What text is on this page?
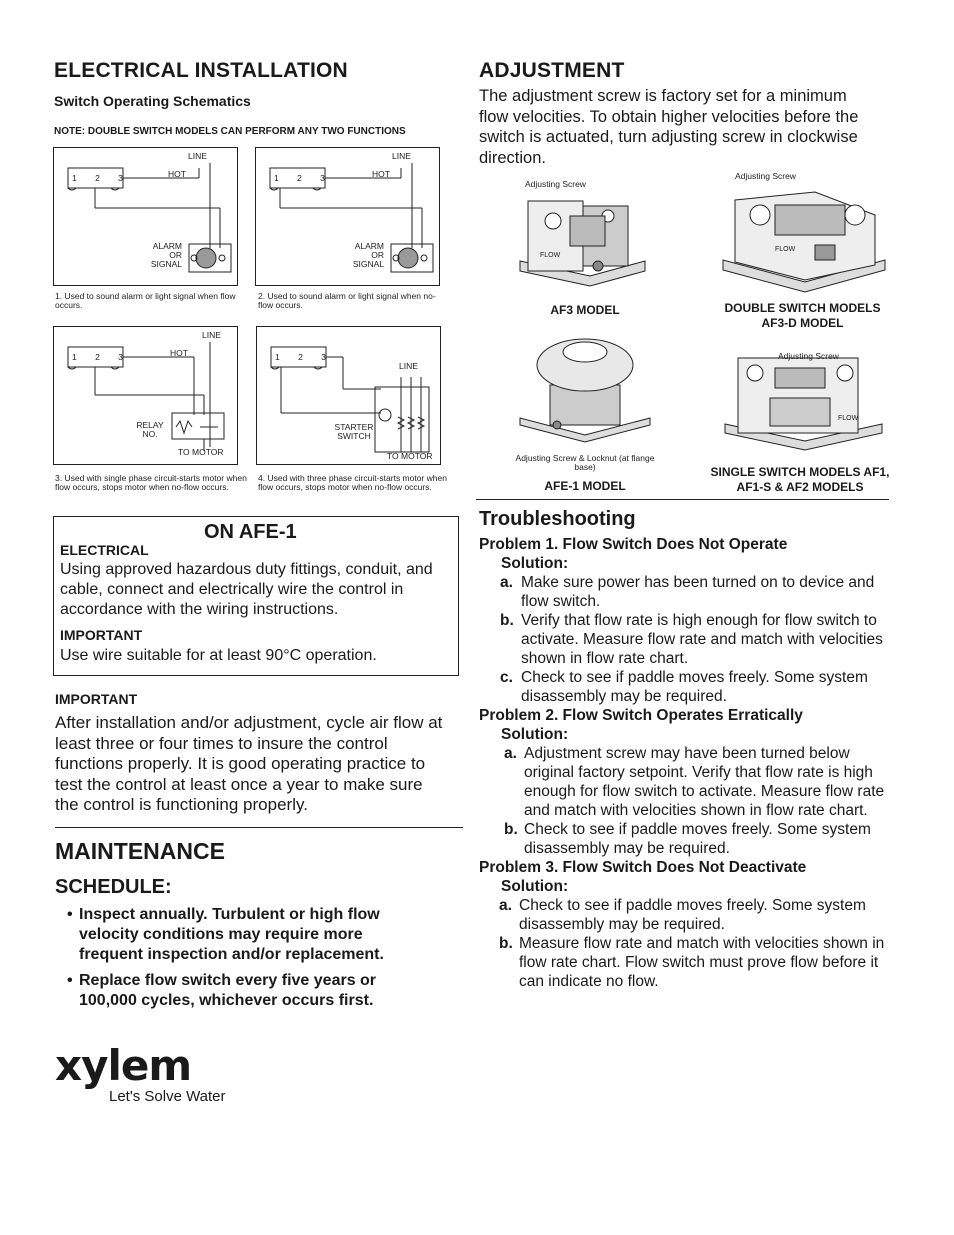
ELECTRICAL INSTALLATION
Switch Operating Schematics
NOTE: DOUBLE SWITCH MODELS CAN PERFORM ANY TWO FUNCTIONS
LINE
HOT
1 2 3
ALARM OR SIGNAL
1. Used to sound alarm or light signal when flow occurs.
LINE
HOT
1 2 3
ALARM OR SIGNAL
2. Used to sound alarm or light signal when no-flow occurs.
LINE
HOT
1 2 3
RELAY NO.
TO MOTOR
3. Used with single phase circuit-starts motor when flow occurs, stops motor when no-flow occurs.
LINE
1 2 3
STARTER SWITCH
TO MOTOR
4. Used with three phase circuit-starts motor when flow occurs, stops motor when no-flow occurs.
ON AFE-1
ELECTRICAL
Using approved hazardous duty fittings, conduit, and cable, connect and electrically wire the control in accordance with the wiring instructions.
IMPORTANT
Use wire suitable for at least 90°C operation.
IMPORTANT
After installation and/or adjustment, cycle air flow at least three or four times to insure the control functions properly. It is good operating practice to test the control at least once a year to make sure the control is functioning properly.
MAINTENANCE
SCHEDULE:
• Inspect annually. Turbulent or high flow velocity conditions may require more frequent inspection and/or replacement.
• Replace flow switch every five years or 100,000 cycles, whichever occurs first.
xylem
Let's Solve Water
ADJUSTMENT
The adjustment screw is factory set for a minimum flow velocities. To obtain higher velocities before the switch is actuated, turn adjusting screw in clockwise direction.
Adjusting Screw
FLOW
AF3 MODEL
Adjusting Screw
FLOW
DOUBLE SWITCH MODELS AF3-D MODEL
Adjusting Screw & Locknut (at flange base)
AFE-1 MODEL
Adjusting Screw
FLOW
SINGLE SWITCH MODELS AF1, AF1-S & AF2 MODELS
Troubleshooting
Problem 1. Flow Switch Does Not Operate
Solution:
a. Make sure power has been turned on to device and flow switch.
b. Verify that flow rate is high enough for flow switch to activate. Measure flow rate and match with velocities shown in flow rate chart.
c. Check to see if paddle moves freely. Some system disassembly may be required.
Problem 2. Flow Switch Operates Erratically
Solution:
a. Adjustment screw may have been turned below original factory setpoint. Verify that flow rate is high enough for flow switch to activate. Measure flow rate and match with velocities shown in flow rate chart.
b. Check to see if paddle moves freely. Some system disassembly may be required.
Problem 3. Flow Switch Does Not Deactivate
Solution:
a. Check to see if paddle moves freely. Some system disassembly may be required.
b. Measure flow rate and match with velocities shown in flow rate chart. Flow switch must prove flow before it can indicate no flow.
